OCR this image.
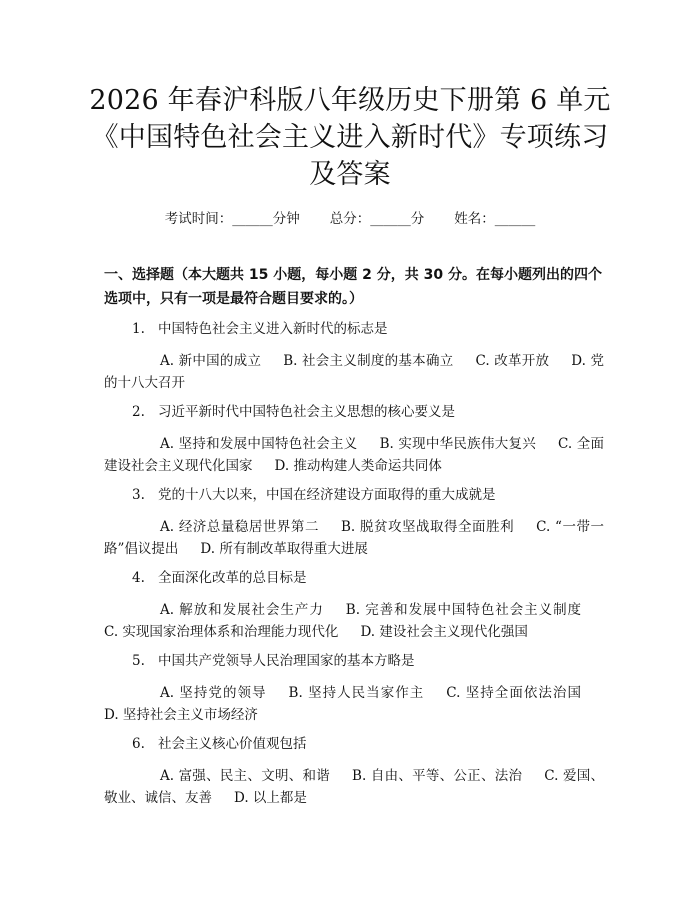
2026 年春沪科版八年级历史下册第 6 单元
《中国特色社会主义进入新时代》专项练习
及答案
考试时间：______分钟 总分：______分 姓名：______
一、选择题（本大题共 15 小题，每小题 2 分，共 30 分。在每小题列出的四个选项中，只有一项是最符合题目要求的。）
1. 中国特色社会主义进入新时代的标志是
A. 新中国的成立 B. 社会主义制度的基本确立 C. 改革开放 D. 党的十八大召开
2. 习近平新时代中国特色社会主义思想的核心要义是
A. 坚持和发展中国特色社会主义 B. 实现中华民族伟大复兴 C. 全面建设社会主义现代化国家 D. 推动构建人类命运共同体
3. 党的十八大以来，中国在经济建设方面取得的重大成就是
A. 经济总量稳居世界第二 B. 脱贫攻坚战取得全面胜利 C. “一带一路”倡议提出 D. 所有制改革取得重大进展
4. 全面深化改革的总目标是
A. 解放和发展社会生产力 B. 完善和发展中国特色社会主义制度C. 实现国家治理体系和治理能力现代化 D. 建设社会主义现代化强国
5. 中国共产党领导人民治理国家的基本方略是
A. 坚持党的领导 B. 坚持人民当家作主 C. 坚持全面依法治国D. 坚持社会主义市场经济
6. 社会主义核心价值观包括
A. 富强、民主、文明、和谐 B. 自由、平等、公正、法治 C. 爱国、敬业、诚信、友善 D. 以上都是
